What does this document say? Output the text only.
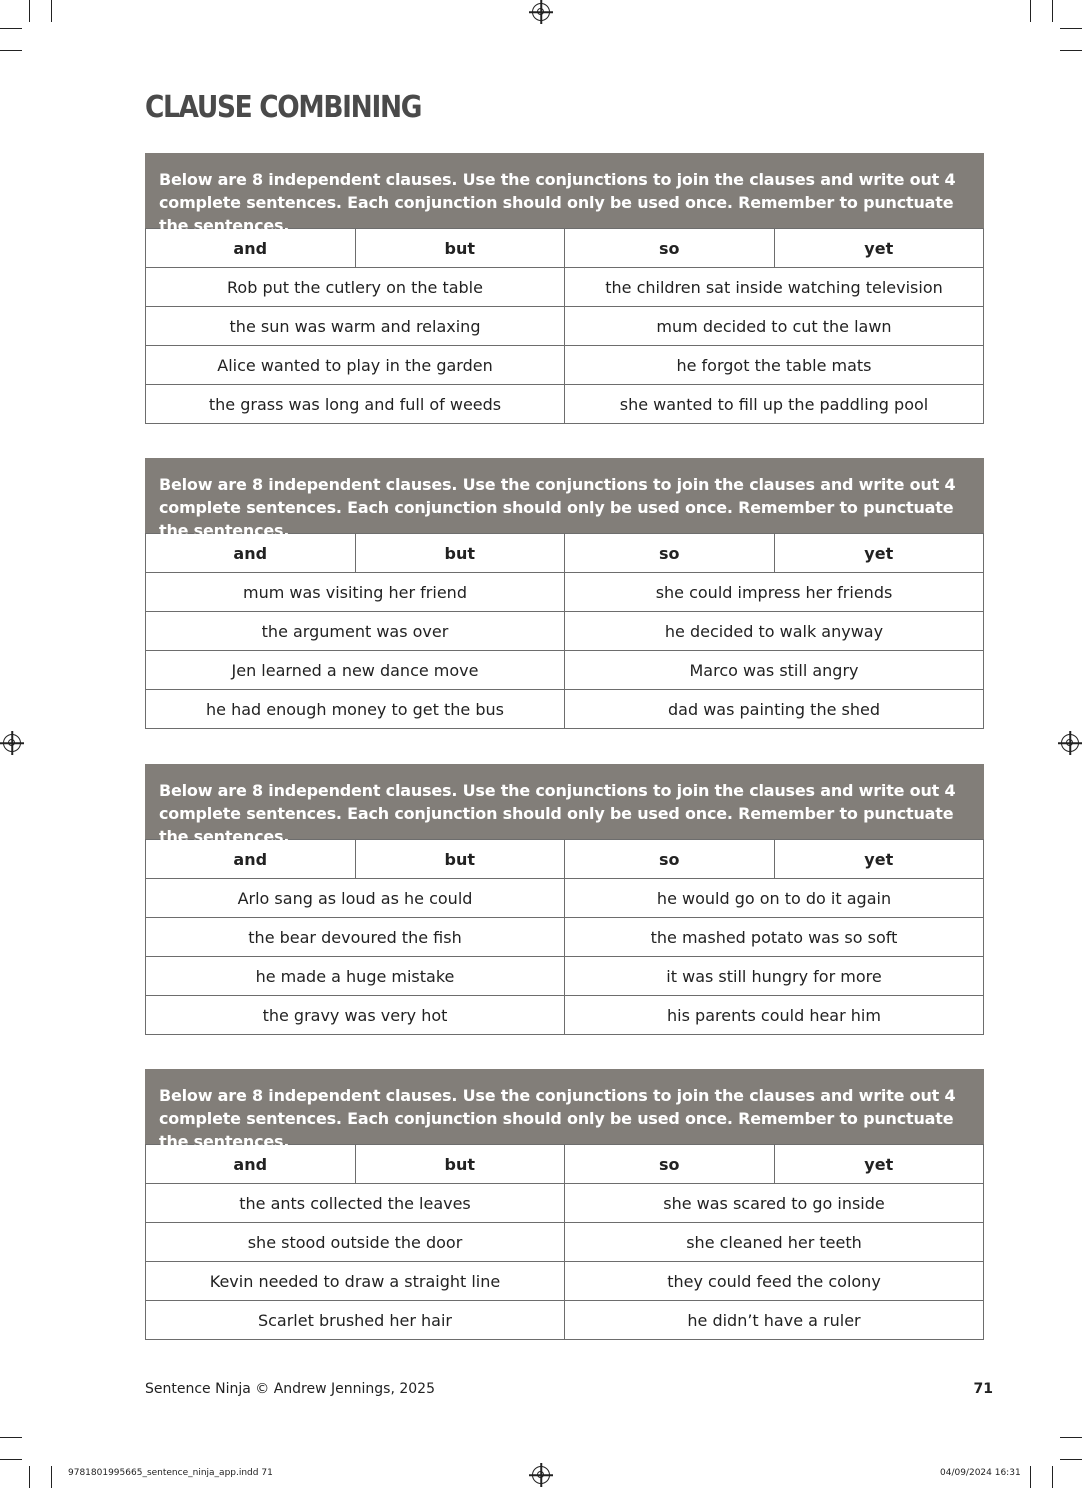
CLAUSE COMBINING
Below are 8 independent clauses. Use the conjunctions to join the clauses and write out 4 complete sentences. Each conjunction should only be used once. Remember to punctuate the sentences.
and	but	so	yet
Rob put the cutlery on the table		the children sat inside watching television	
the sun was warm and relaxing		mum decided to cut the lawn	
Alice wanted to play in the garden		he forgot the table mats	
the grass was long and full of weeds		she wanted to fill up the paddling pool	
Below are 8 independent clauses. Use the conjunctions to join the clauses and write out 4 complete sentences. Each conjunction should only be used once. Remember to punctuate the sentences.
and	but	so	yet
mum was visiting her friend		she could impress her friends	
the argument was over		he decided to walk anyway	
Jen learned a new dance move		Marco was still angry	
he had enough money to get the bus		dad was painting the shed	
Below are 8 independent clauses. Use the conjunctions to join the clauses and write out 4 complete sentences. Each conjunction should only be used once. Remember to punctuate the sentences.
and	but	so	yet
Arlo sang as loud as he could		he would go on to do it again	
the bear devoured the fish		the mashed potato was so soft	
he made a huge mistake		it was still hungry for more	
the gravy was very hot		his parents could hear him	
Below are 8 independent clauses. Use the conjunctions to join the clauses and write out 4 complete sentences. Each conjunction should only be used once. Remember to punctuate the sentences.
and	but	so	yet
the ants collected the leaves		she was scared to go inside	
she stood outside the door		she cleaned her teeth	
Kevin needed to draw a straight line		they could feed the colony	
Scarlet brushed her hair		he didn’t have a ruler	
Sentence Ninja © Andrew Jennings, 2025	71
9781801995665_sentence_ninja_app.indd 71	04/09/2024 16:31
